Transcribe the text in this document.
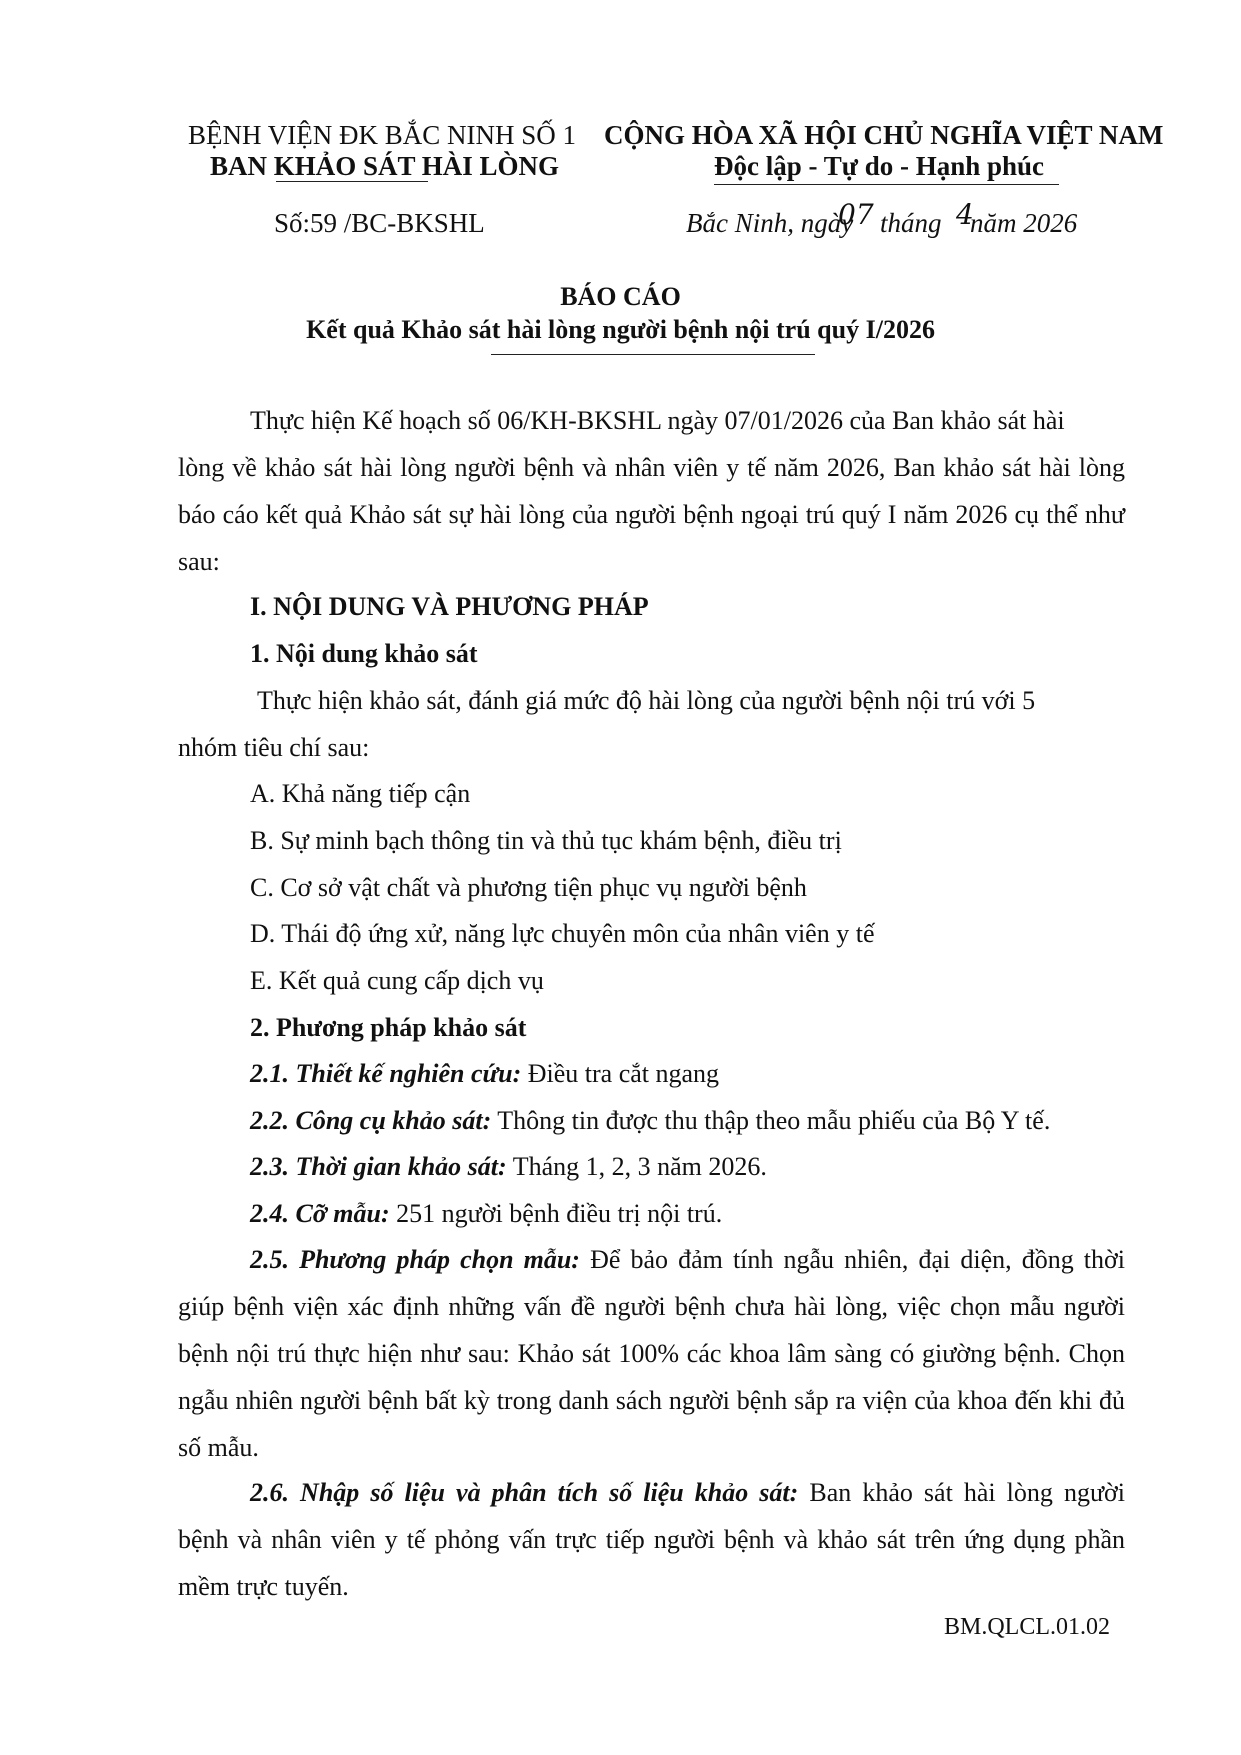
BỆNH VIỆN ĐK BẮC NINH SỐ 1
BAN KHẢO SÁT HÀI LÒNG
CỘNG HÒA XÃ HỘI CHỦ NGHĨA VIỆT NAM
Độc lập - Tự do - Hạnh phúc
Số:59 /BC-BKSHL	Bắc Ninh, ngày
07 tháng 4
năm 2026
BÁO CÁO
Kết quả Khảo sát hài lòng người bệnh nội trú quý I/2026
Thực hiện Kế hoạch số 06/KH-BKSHL ngày 07/01/2026 của Ban khảo sát hài
lòng về khảo sát hài lòng người bệnh và nhân viên y tế năm 2026, Ban khảo sát hài lòng báo cáo kết quả Khảo sát sự hài lòng của người bệnh ngoại trú quý I năm 2026 cụ thể như sau:
I. NỘI DUNG VÀ PHƯƠNG PHÁP
1. Nội dung khảo sát
Thực hiện khảo sát, đánh giá mức độ hài lòng của người bệnh nội trú với 5
nhóm tiêu chí sau:
A. Khả năng tiếp cận
B. Sự minh bạch thông tin và thủ tục khám bệnh, điều trị
C. Cơ sở vật chất và phương tiện phục vụ người bệnh
D. Thái độ ứng xử, năng lực chuyên môn của nhân viên y tế
E. Kết quả cung cấp dịch vụ
2. Phương pháp khảo sát
2.1. Thiết kế nghiên cứu: Điều tra cắt ngang
2.2. Công cụ khảo sát: Thông tin được thu thập theo mẫu phiếu của Bộ Y tế.
2.3. Thời gian khảo sát: Tháng 1, 2, 3 năm 2026.
2.4. Cỡ mẫu: 251 người bệnh điều trị nội trú.
2.5. Phương pháp chọn mẫu: Để bảo đảm tính ngẫu nhiên, đại diện, đồng thời
giúp bệnh viện xác định những vấn đề người bệnh chưa hài lòng, việc chọn mẫu người bệnh nội trú thực hiện như sau: Khảo sát 100% các khoa lâm sàng có giường bệnh. Chọn ngẫu nhiên người bệnh bất kỳ trong danh sách người bệnh sắp ra viện của khoa đến khi đủ số mẫu.
2.6. Nhập số liệu và phân tích số liệu khảo sát: Ban khảo sát hài lòng người
bệnh và nhân viên y tế phỏng vấn trực tiếp người bệnh và khảo sát trên ứng dụng phần mềm trực tuyến.
BM.QLCL.01.02
